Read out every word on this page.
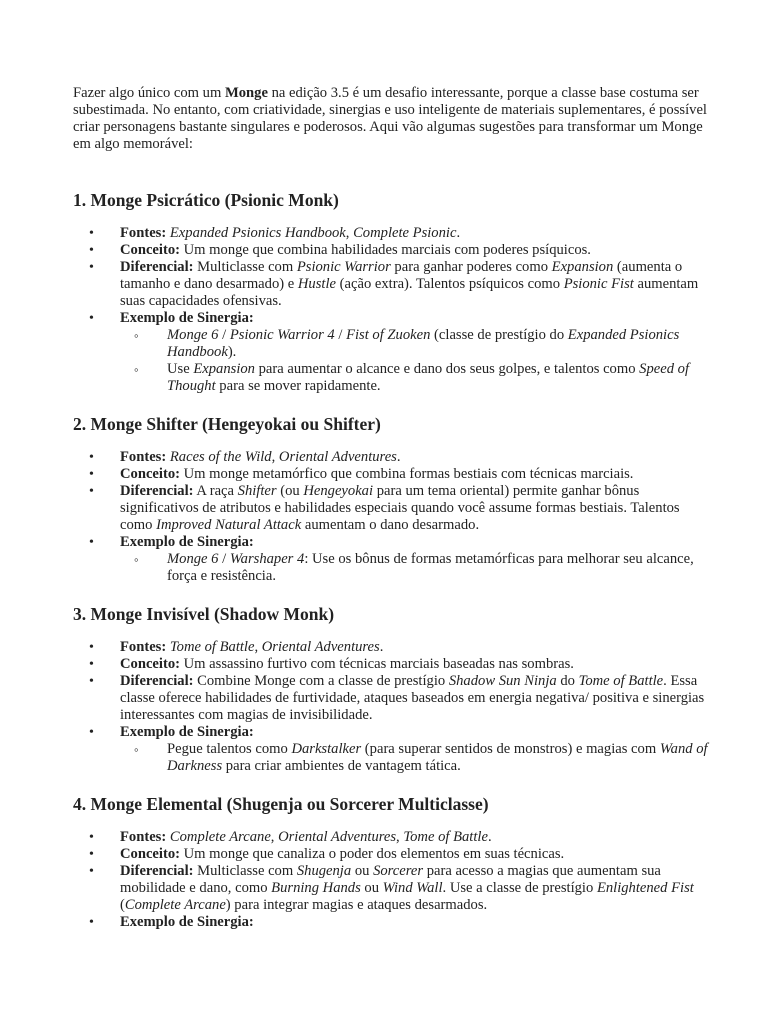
Fazer algo único com um Monge na edição 3.5 é um desafio interessante, porque a classe base costuma ser subestimada. No entanto, com criatividade, sinergias e uso inteligente de materiais suplementares, é possível criar personagens bastante singulares e poderosos. Aqui vão algumas sugestões para transformar um Monge em algo memorável:

1. Monge Psicrático (Psionic Monk)
• Fontes: Expanded Psionics Handbook, Complete Psionic.
• Conceito: Um monge que combina habilidades marciais com poderes psíquicos.
• Diferencial: Multiclasse com Psionic Warrior para ganhar poderes como Expansion (aumenta o tamanho e dano desarmado) e Hustle (ação extra). Talentos psíquicos como Psionic Fist aumentam suas capacidades ofensivas.
• Exemplo de Sinergia:
◦ Monge 6 / Psionic Warrior 4 / Fist of Zuoken (classe de prestígio do Expanded Psionics Handbook).
◦ Use Expansion para aumentar o alcance e dano dos seus golpes, e talentos como Speed of Thought para se mover rapidamente.
2. Monge Shifter (Hengeyokai ou Shifter)
• Fontes: Races of the Wild, Oriental Adventures.
• Conceito: Um monge metamórfico que combina formas bestiais com técnicas marciais.
• Diferencial: A raça Shifter (ou Hengeyokai para um tema oriental) permite ganhar bônus significativos de atributos e habilidades especiais quando você assume formas bestiais. Talentos como Improved Natural Attack aumentam o dano desarmado.
• Exemplo de Sinergia:
◦ Monge 6 / Warshaper 4: Use os bônus de formas metamórficas para melhorar seu alcance, força e resistência.
3. Monge Invisível (Shadow Monk)
• Fontes: Tome of Battle, Oriental Adventures.
• Conceito: Um assassino furtivo com técnicas marciais baseadas nas sombras.
• Diferencial: Combine Monge com a classe de prestígio Shadow Sun Ninja do Tome of Battle. Essa classe oferece habilidades de furtividade, ataques baseados em energia negativa/ positiva e sinergias interessantes com magias de invisibilidade.
• Exemplo de Sinergia:
◦ Pegue talentos como Darkstalker (para superar sentidos de monstros) e magias com Wand of Darkness para criar ambientes de vantagem tática.
4. Monge Elemental (Shugenja ou Sorcerer Multiclasse)
• Fontes: Complete Arcane, Oriental Adventures, Tome of Battle.
• Conceito: Um monge que canaliza o poder dos elementos em suas técnicas.
• Diferencial: Multiclasse com Shugenja ou Sorcerer para acesso a magias que aumentam sua mobilidade e dano, como Burning Hands ou Wind Wall. Use a classe de prestígio Enlightened Fist (Complete Arcane) para integrar magias e ataques desarmados.
• Exemplo de Sinergia:
